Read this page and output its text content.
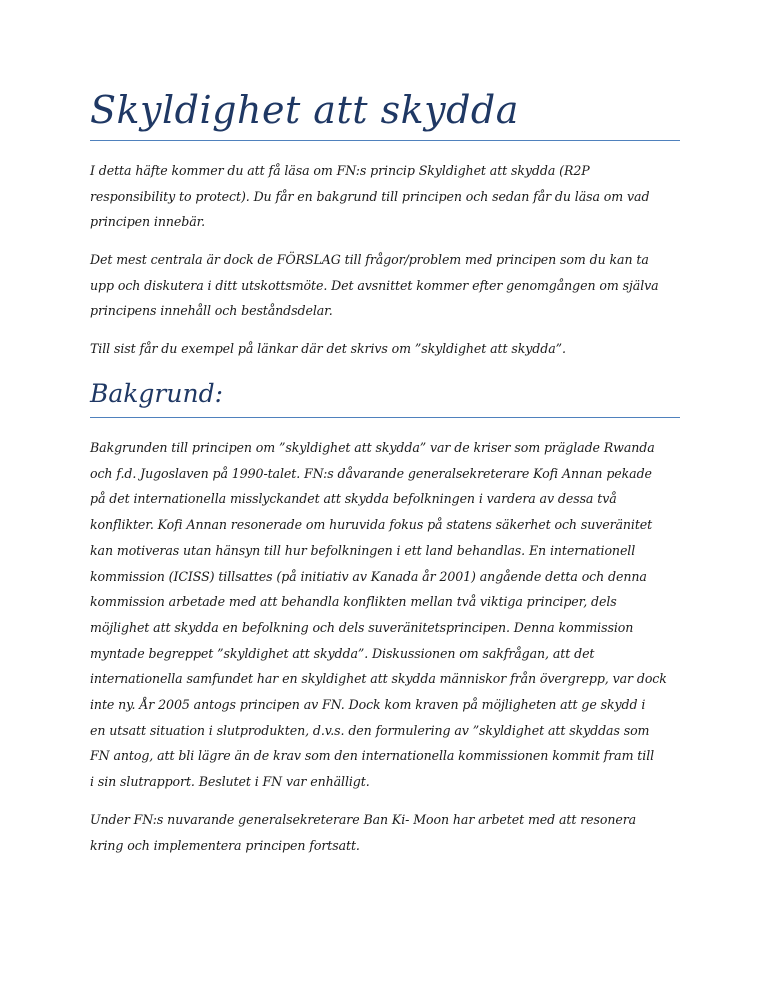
Skyldighet att skydda

I detta häfte kommer du att få läsa om FN:s princip Skyldighet att skydda (R2P
responsibility to protect). Du får en bakgrund till principen och sedan får du läsa om vad
principen innebär.

Det mest centrala är dock de FÖRSLAG till frågor/problem med principen som du kan ta
upp och diskutera i ditt utskottsmöte. Det avsnittet kommer efter genomgången om själva
principens innehåll och beståndsdelar.

Till sist får du exempel på länkar där det skrivs om ”skyldighet att skydda”.

Bakgrund:

Bakgrunden till principen om ”skyldighet att skydda” var de kriser som präglade Rwanda
och f.d. Jugoslaven på 1990-talet. FN:s dåvarande generalsekreterare Kofi Annan pekade
på det internationella misslyckandet att skydda befolkningen i vardera av dessa två
konflikter. Kofi Annan resonerade om huruvida fokus på statens säkerhet och suveränitet
kan motiveras utan hänsyn till hur befolkningen i ett land behandlas. En internationell
kommission (ICISS) tillsattes (på initiativ av Kanada år 2001) angående detta och denna
kommission arbetade med att behandla konflikten mellan två viktiga principer, dels
möjlighet att skydda en befolkning och dels suveränitetsprincipen. Denna kommission
myntade begreppet ”skyldighet att skydda”. Diskussionen om sakfrågan, att det
internationella samfundet har en skyldighet att skydda människor från övergrepp, var dock
inte ny. År 2005 antogs principen av FN. Dock kom kraven på möjligheten att ge skydd i
en utsatt situation i slutprodukten, d.v.s. den formulering av ”skyldighet att skyddas som
FN antog, att bli lägre än de krav som den internationella kommissionen kommit fram till
i sin slutrapport. Beslutet i FN var enhälligt.

Under FN:s nuvarande generalsekreterare Ban Ki- Moon har arbetet med att resonera
kring och implementera principen fortsatt.
